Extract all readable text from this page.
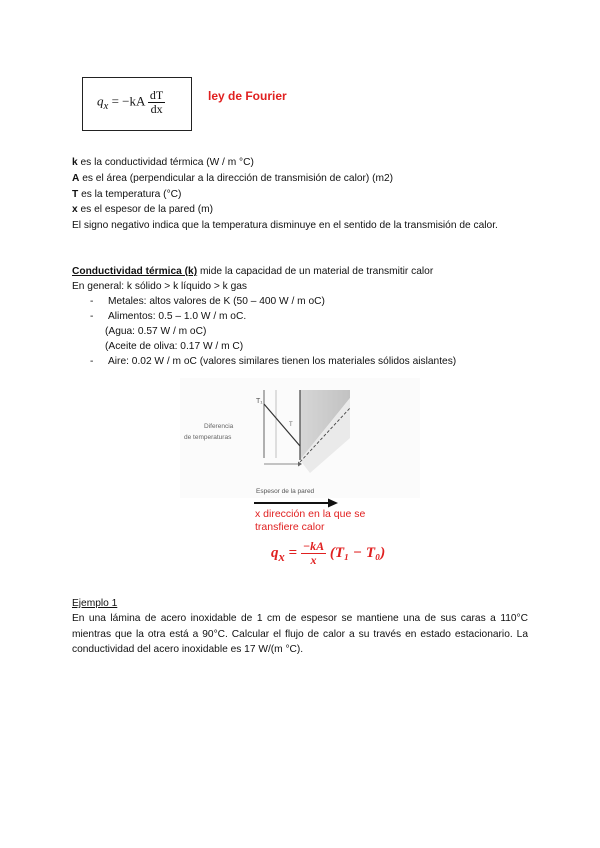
$q_x = -kA \frac{dT}{dx}$	ley de Fourier
k es la conductividad térmica (W / m °C)
A es el área (perpendicular a la dirección de transmisión de calor) (m2)
T es la temperatura (°C)
x es el espesor de la pared (m)
El signo negativo indica que la temperatura disminuye en el sentido de la transmisión de calor.
Conductividad térmica (k) mide la capacidad de un material de transmitir calor
En general: k sólido > k líquido > k gas
- Metales: altos valores de K (50 – 400 W / m oC)
- Alimentos: 0.5 – 1.0 W / m oC.
(Agua: 0.57 W / m oC)
(Aceite de oliva: 0.17 W / m C)
- Aire: 0.02 W / m oC (valores similares tienen los materiales sólidos aislantes)
T₁
Diferencia
de temperaturas
T
Espesor de la pared
x dirección en la que se
transfiere calor
$q_x = \frac{-kA}{x} (T_1 - T_0)$
Ejemplo 1
En una lámina de acero inoxidable de 1 cm de espesor se mantiene una de sus caras a 110°C mientras que la otra está a 90°C. Calcular el flujo de calor a su través en estado estacionario. La conductividad del acero inoxidable es 17 W/(m °C).
